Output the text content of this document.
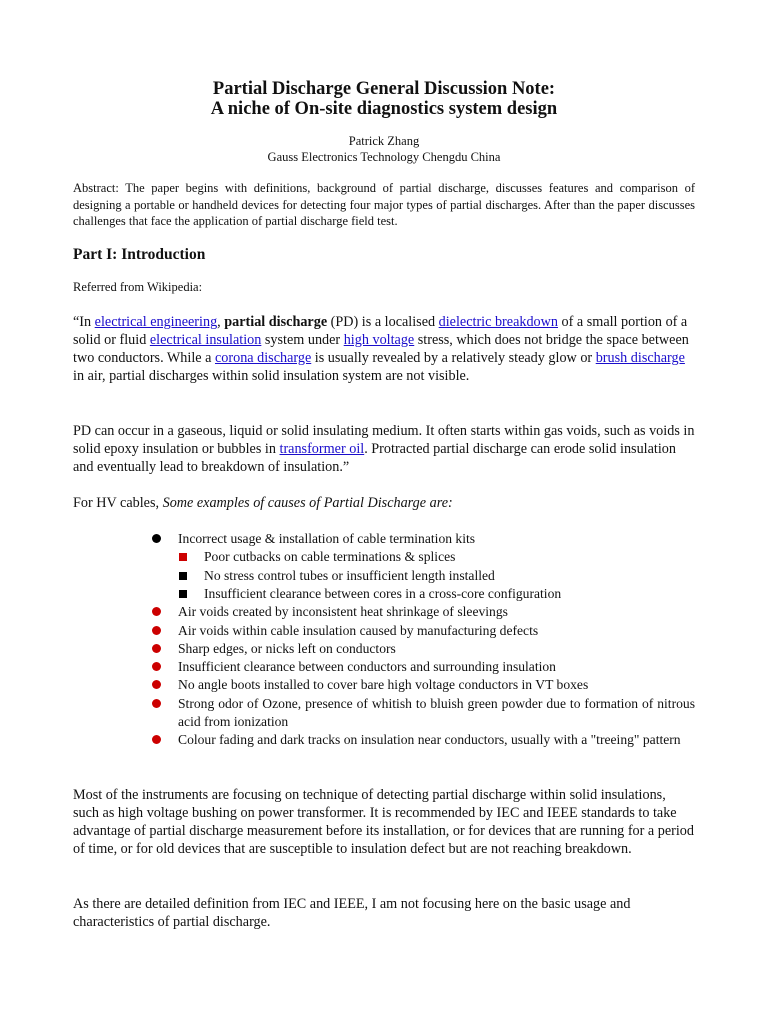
Partial Discharge General Discussion Note:
A niche of On-site diagnostics system design
Patrick Zhang
Gauss Electronics Technology Chengdu China
Abstract: The paper begins with definitions, background of partial discharge, discusses features and comparison of designing a portable or handheld devices for detecting four major types of partial discharges. After than the paper discusses challenges that face the application of partial discharge field test.
Part I: Introduction
Referred from Wikipedia:
“In electrical engineering, partial discharge (PD) is a localised dielectric breakdown of a small portion of a solid or fluid electrical insulation system under high voltage stress, which does not bridge the space between two conductors. While a corona discharge is usually revealed by a relatively steady glow or brush discharge in air, partial discharges within solid insulation system are not visible.
PD can occur in a gaseous, liquid or solid insulating medium. It often starts within gas voids, such as voids in solid epoxy insulation or bubbles in transformer oil. Protracted partial discharge can erode solid insulation and eventually lead to breakdown of insulation.”
For HV cables, Some examples of causes of Partial Discharge are:
Incorrect usage & installation of cable termination kits
Poor cutbacks on cable terminations & splices
No stress control tubes or insufficient length installed
Insufficient clearance between cores in a cross-core configuration
Air voids created by inconsistent heat shrinkage of sleevings
Air voids within cable insulation caused by manufacturing defects
Sharp edges, or nicks left on conductors
Insufficient clearance between conductors and surrounding insulation
No angle boots installed to cover bare high voltage conductors in VT boxes
Strong odor of Ozone, presence of whitish to bluish green powder due to formation of nitrous acid from ionization
Colour fading and dark tracks on insulation near conductors, usually with a "treeing" pattern
Most of the instruments are focusing on technique of detecting partial discharge within solid insulations, such as high voltage bushing on power transformer. It is recommended by IEC and IEEE standards to take advantage of partial discharge measurement before its installation, or for devices that are running for a period of time, or for old devices that are susceptible to insulation defect but are not reaching breakdown.
As there are detailed definition from IEC and IEEE, I am not focusing here on the basic usage and characteristics of partial discharge.
